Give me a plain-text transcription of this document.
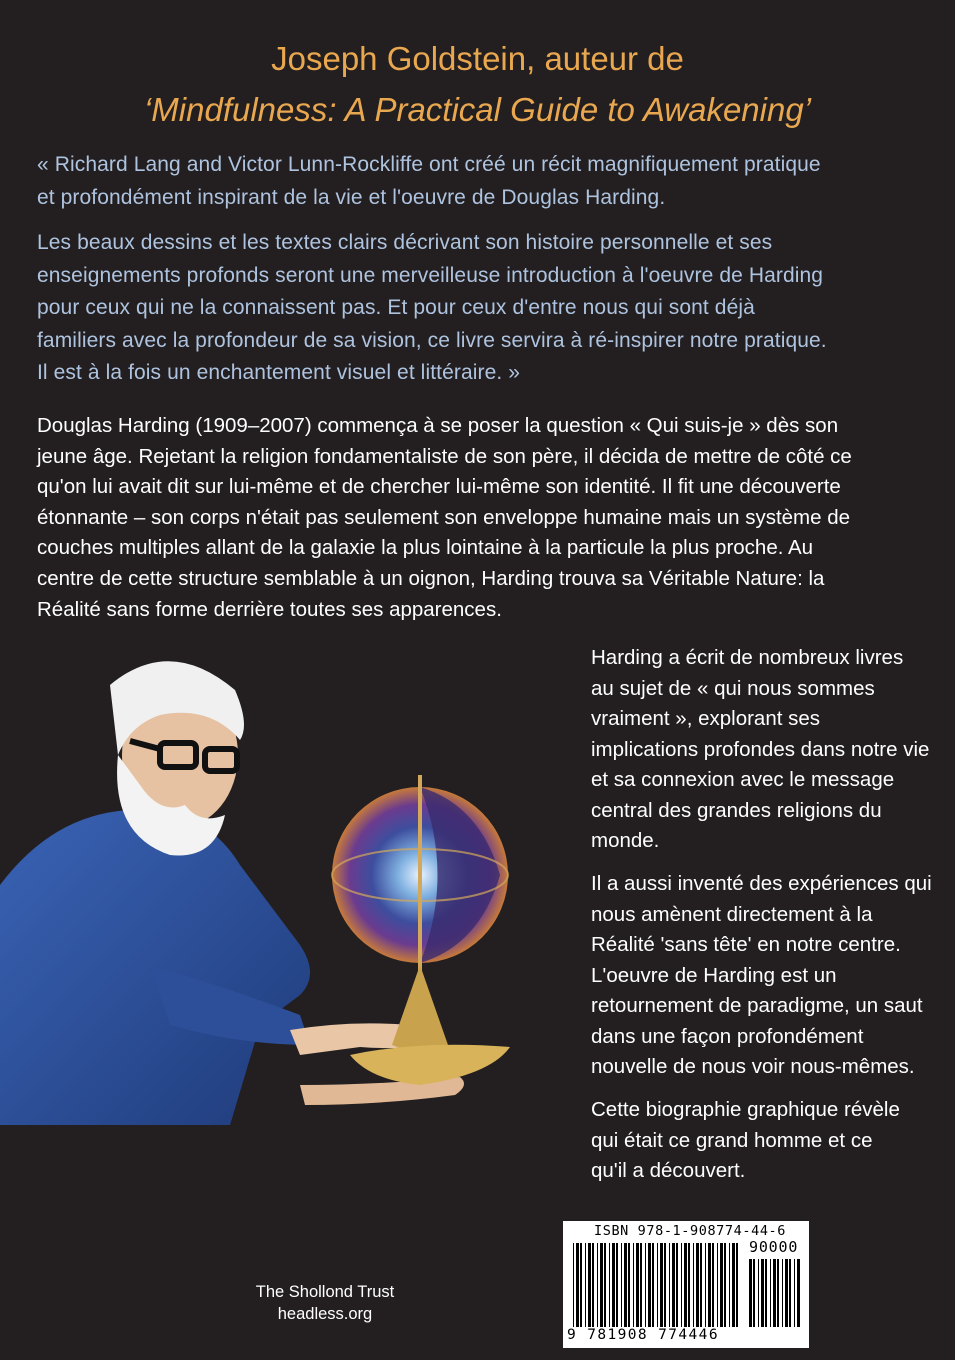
Joseph Goldstein, auteur de
‘Mindfulness: A Practical Guide to Awakening’

« Richard Lang and Victor Lunn-Rockliffe ont créé un récit magnifiquement pratique

et profondément inspirant de la vie et l'oeuvre de Douglas Harding.

Les beaux dessins et les textes clairs décrivant son histoire personnelle et ses

enseignements profonds seront une merveilleuse introduction à l'oeuvre de Harding

pour ceux qui ne la connaissent pas. Et pour ceux d'entre nous qui sont déjà

familiers avec la profondeur de sa vision, ce livre servira à ré-inspirer notre pratique.

Il est à la fois un enchantement visuel et littéraire. »

Douglas Harding (1909–2007) commença à se poser la question « Qui suis-je » dès son

jeune âge. Rejetant la religion fondamentaliste de son père, il décida de mettre de côté ce

qu'on lui avait dit sur lui-même et de chercher lui-même son identité. Il fit une découverte

étonnante – son corps n'était pas seulement son enveloppe humaine mais un système de

couches multiples allant de la galaxie la plus lointaine à la particule la plus proche. Au

centre de cette structure semblable à un oignon, Harding trouva sa Véritable Nature: la

Réalité sans forme derrière toutes ses apparences.

Harding a écrit de nombreux livres

au sujet de « qui nous sommes

vraiment », explorant ses

implications profondes dans notre vie

et sa connexion avec le message

central des grandes religions du

monde.

Il a aussi inventé des expériences qui

nous amènent directement à la

Réalité 'sans tête' en notre centre.

L'oeuvre de Harding est un

retournement de paradigme, un saut

dans une façon profondément

nouvelle de nous voir nous-mêmes.

Cette biographie graphique révèle

qui était ce grand homme et ce

qu'il a découvert.

The Shollond Trust
headless.org
ISBN 978-1-908774-44-6
90000
9 781908 774446
